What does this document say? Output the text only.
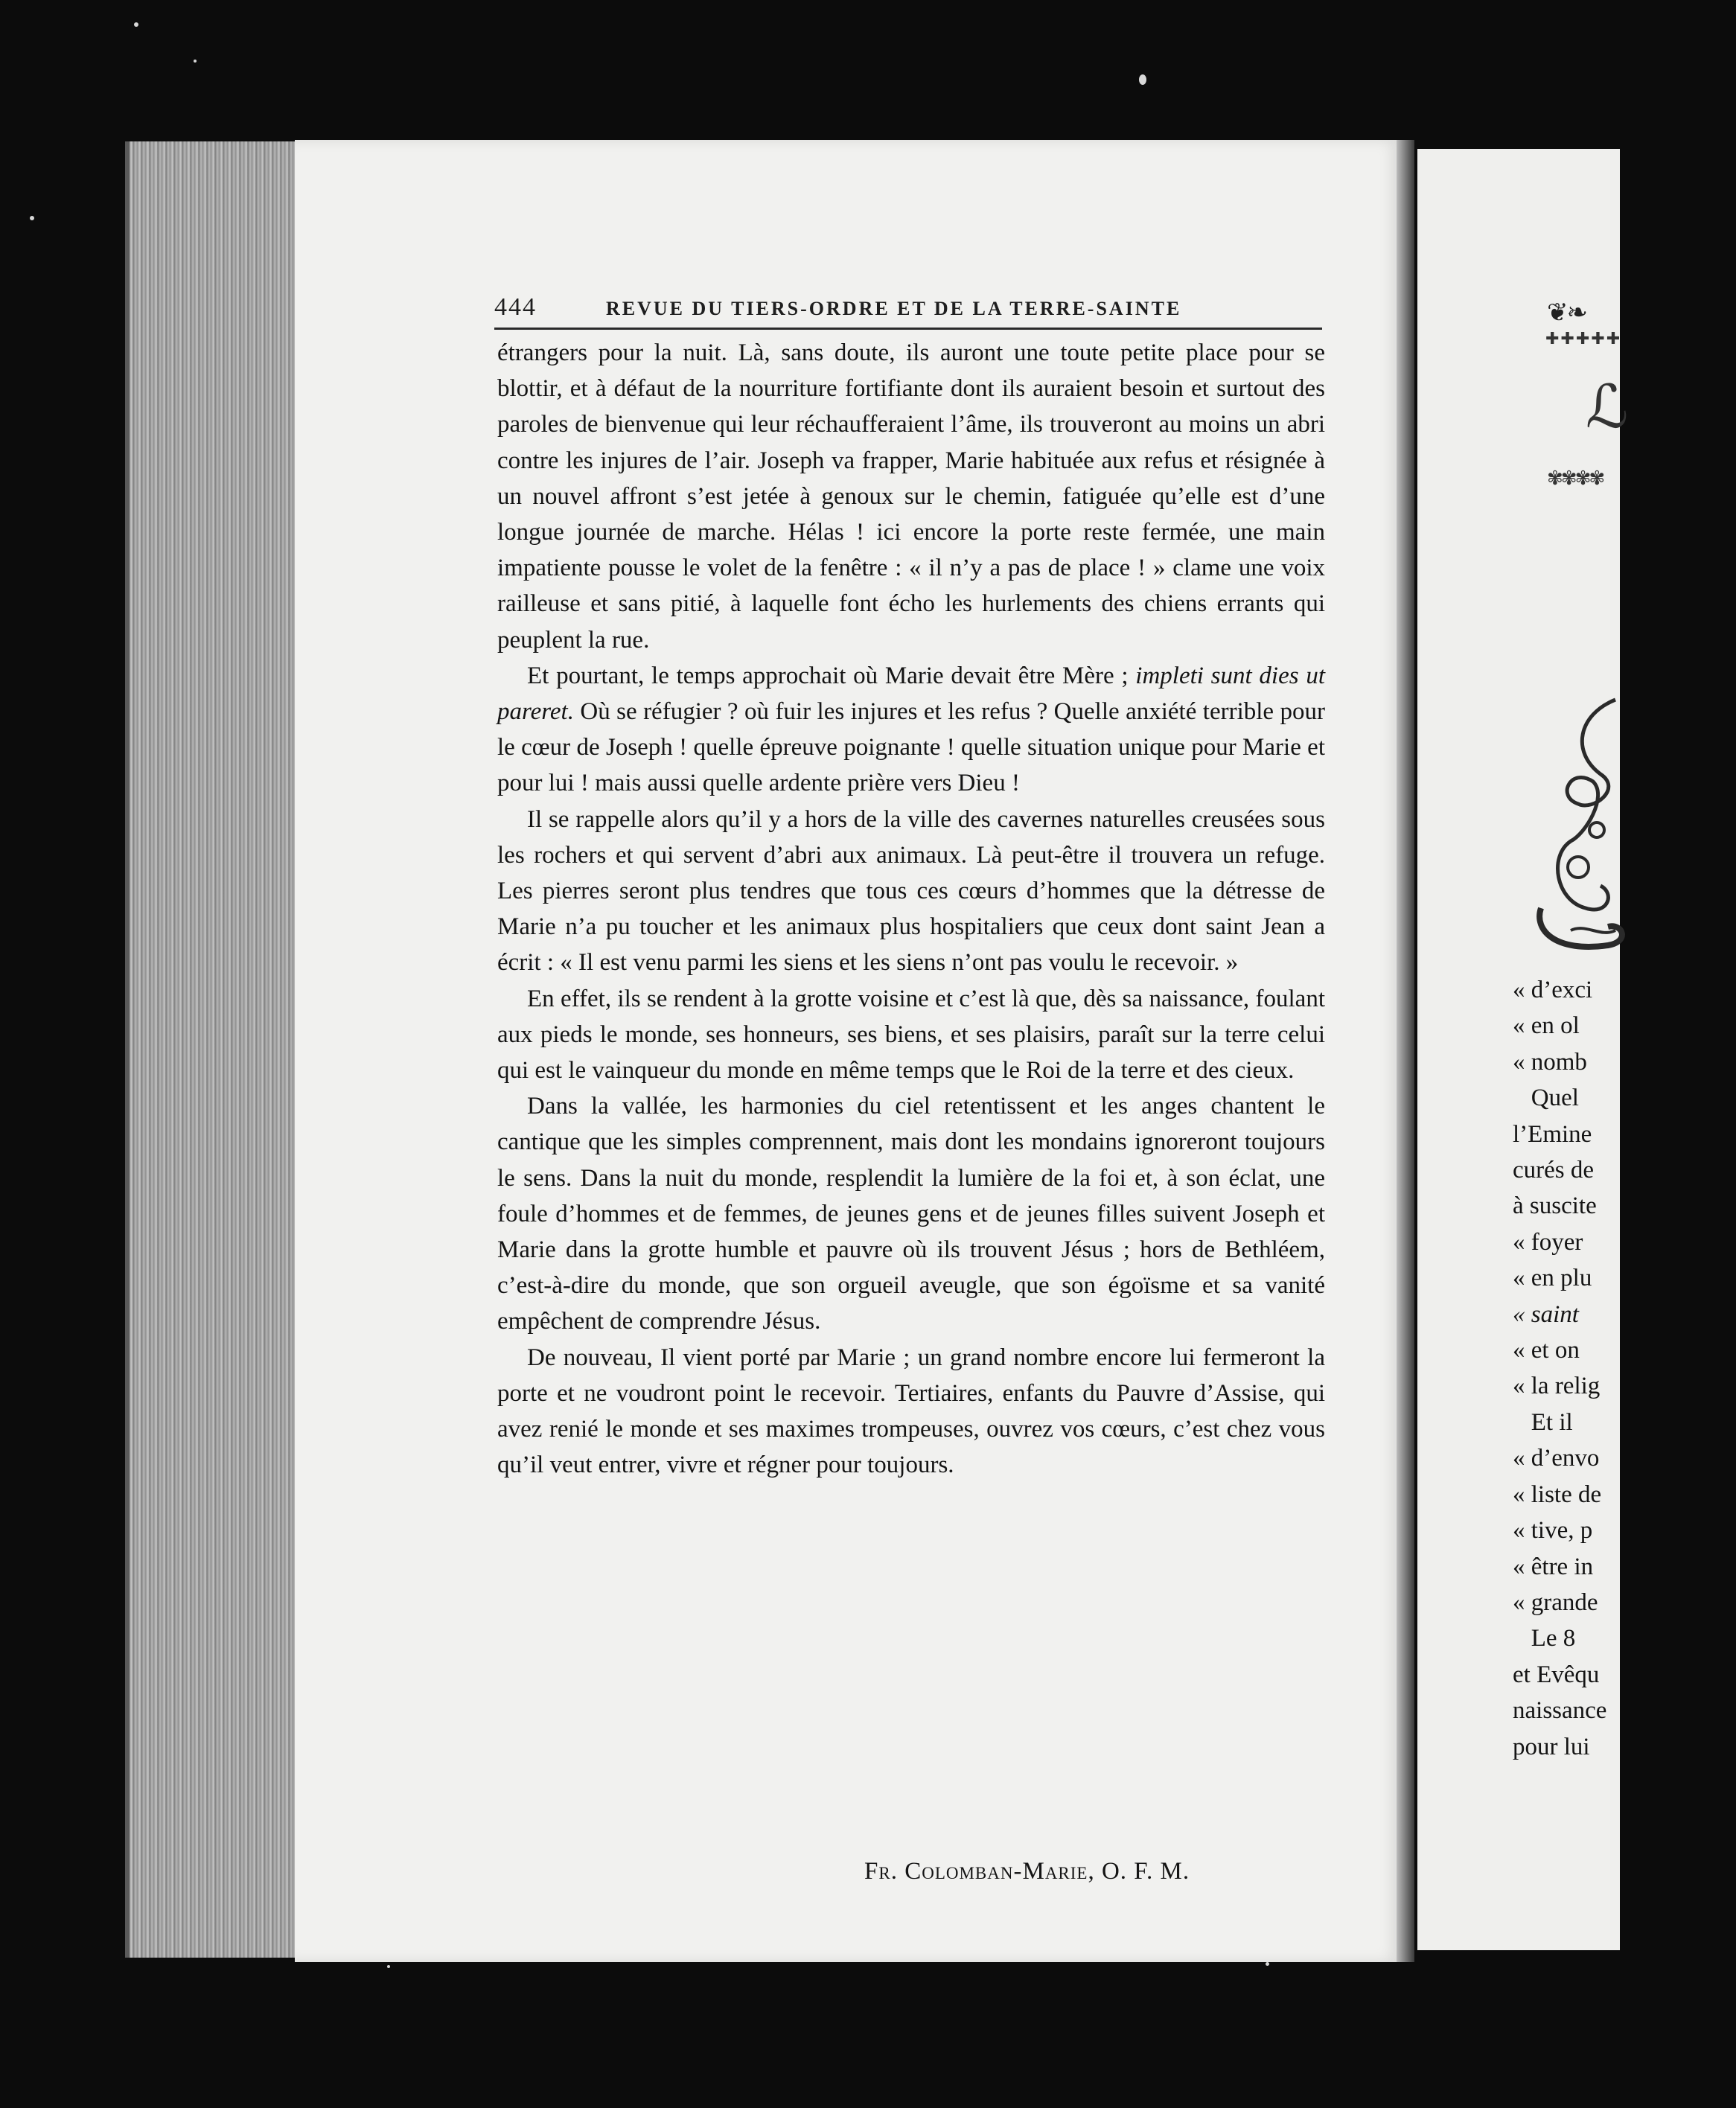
444	REVUE DU TIERS-ORDRE ET DE LA TERRE-SAINTE

étrangers pour la nuit. Là, sans doute, ils auront une toute petite place pour se blottir, et à défaut de la nourriture fortifiante dont ils auraient besoin et surtout des paroles de bienvenue qui leur réchaufferaient l’âme, ils trouveront au moins un abri contre les injures de l’air. Joseph va frapper, Marie habituée aux refus et résignée à un nouvel affront s’est jetée à genoux sur le chemin, fatiguée qu’elle est d’une longue journée de marche. Hélas ! ici encore la porte reste fermée, une main impatiente pousse le volet de la fenêtre : « il n’y a pas de place ! » clame une voix railleuse et sans pitié, à laquelle font écho les hurlements des chiens errants qui peuplent la rue.

Et pourtant, le temps approchait où Marie devait être Mère ; impleti sunt dies ut pareret. Où se réfugier ? où fuir les injures et les refus ? Quelle anxiété terrible pour le cœur de Joseph ! quelle épreuve poignante ! quelle situation unique pour Marie et pour lui ! mais aussi quelle ardente prière vers Dieu !

Il se rappelle alors qu’il y a hors de la ville des cavernes naturelles creusées sous les rochers et qui servent d’abri aux animaux. Là peut-être il trouvera un refuge. Les pierres seront plus tendres que tous ces cœurs d’hommes que la détresse de Marie n’a pu toucher et les animaux plus hospitaliers que ceux dont saint Jean a écrit : « Il est venu parmi les siens et les siens n’ont pas voulu le recevoir. »

En effet, ils se rendent à la grotte voisine et c’est là que, dès sa naissance, foulant aux pieds le monde, ses honneurs, ses biens, et ses plaisirs, paraît sur la terre celui qui est le vainqueur du monde en même temps que le Roi de la terre et des cieux.

Dans la vallée, les harmonies du ciel retentissent et les anges chantent le cantique que les simples comprennent, mais dont les mondains ignoreront toujours le sens. Dans la nuit du monde, resplendit la lumière de la foi et, à son éclat, une foule d’hommes et de femmes, de jeunes gens et de jeunes filles suivent Joseph et Marie dans la grotte humble et pauvre où ils trouvent Jésus ; hors de Bethléem, c’est-à-dire du monde, que son orgueil aveugle, que son égoïsme et sa vanité empêchent de comprendre Jésus.

De nouveau, Il vient porté par Marie ; un grand nombre encore lui fermeront la porte et ne voudront point le recevoir. Tertiaires, enfants du Pauvre d’Assise, qui avez renié le monde et ses maximes trompeuses, ouvrez vos cœurs, c’est chez vous qu’il veut entrer, vivre et régner pour toujours.

Fr. Colomban-Marie, O. F. M.
❦❧
✚✚✚✚✚
ℒ
✾✾✾✾
« d’exci
« en ol
« nomb
Quel
l’Emine
curés de
à suscite
« foyer
« en plu
« saint
« et on
« la relig
Et il
« d’envo
« liste de
« tive, p
« être in
« grande
Le 8
et Evêqu
naissance
pour lui
